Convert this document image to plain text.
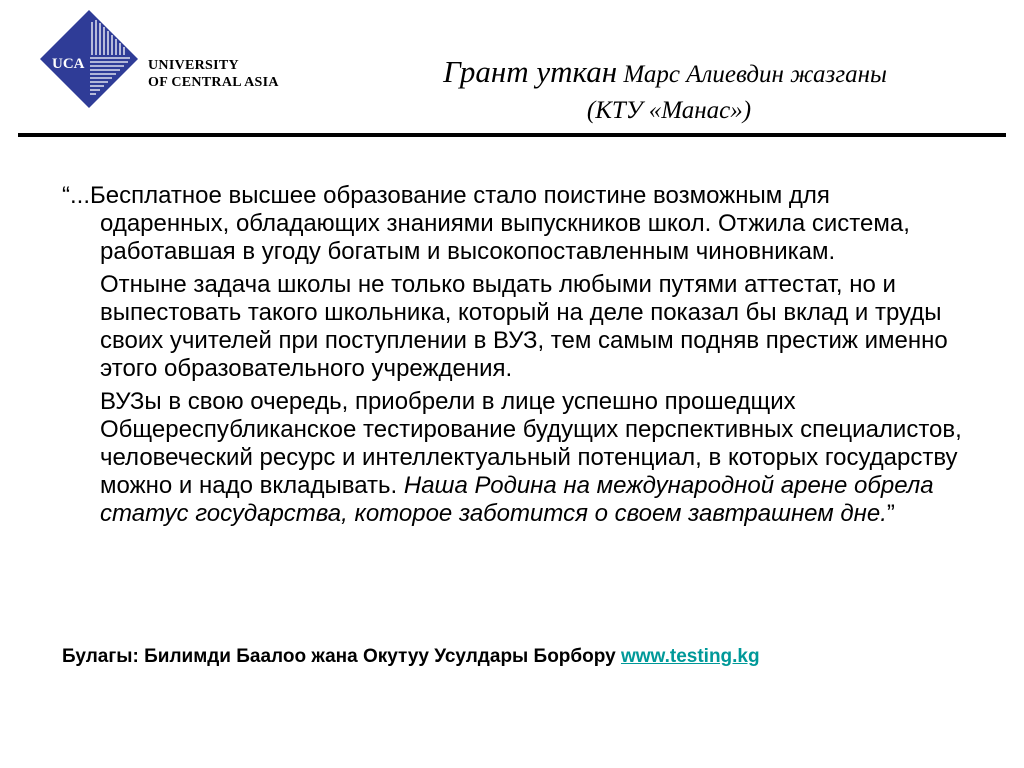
UCA	UNIVERSITY
OF CENTRAL ASIA	Грант уткан Марс Алиевдин жазганы
(КТУ «Манас»)

“...Бесплатное высшее образование стало поистине возможным для одаренных, обладающих знаниями выпускников школ. Отжила система, работавшая в угоду богатым и высокопоставленным чиновникам.

Отныне задача школы не только выдать любыми путями аттестат, но и выпестовать такого школьника, который на деле показал бы вклад и труды своих учителей при поступлении в ВУЗ, тем самым подняв престиж именно этого образовательного учреждения.

ВУЗы в свою очередь, приобрели в лице успешно прошедщих Общереспубликанское тестирование будущих перспективных специалистов, человеческий ресурс и интеллектуальный потенциал, в которых государству можно и надо вкладывать. Наша Родина на международной арене обрела статус государства, которое заботится о своем завтрашнем дне.”

Булагы: Билимди Баалоо жана Окутуу Усулдары Борбору www.testing.kg
